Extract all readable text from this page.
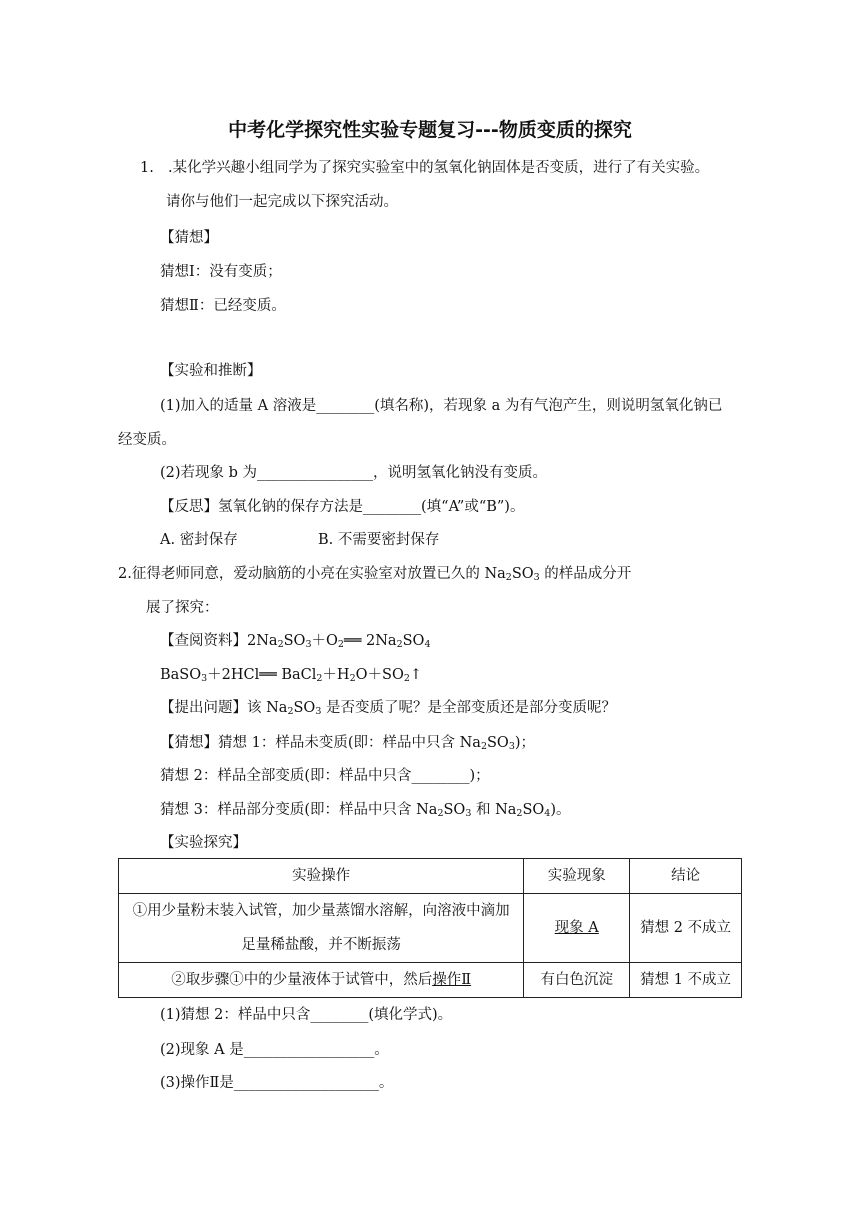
中考化学探究性实验专题复习---物质变质的探究
1. .某化学兴趣小组同学为了探究实验室中的氢氧化钠固体是否变质，进行了有关实验。
请你与他们一起完成以下探究活动。
【猜想】
猜想Ⅰ：没有变质；
猜想Ⅱ：已经变质。
【实验和推断】
(1)加入的适量 A 溶液是________(填名称)，若现象 a 为有气泡产生，则说明氢氧化钠已
经变质。
(2)若现象 b 为________________，说明氢氧化钠没有变质。
【反思】氢氧化钠的保存方法是________(填“A”或“B”)。
A. 密封保存	B. 不需要密封保存
2.征得老师同意，爱动脑筋的小亮在实验室对放置已久的 $Na_2SO_3$ 的样品成分开
展了探究：
【查阅资料】$2Na_2SO_3+O_2══$ $2Na_2SO_4$
BaSO$_3$＋2HCl══ $BaCl_2+H_2O+SO_2↑$
【提出问题】该 $Na_2SO_3$ 是否变质了呢？是全部变质还是部分变质呢？
【猜想】猜想 1：样品未变质(即：样品中只含 $Na_2SO_3$)；
猜想 2：样品全部变质(即：样品中只含________)；
猜想 3：样品部分变质(即：样品中只含 $Na_2SO_3$ 和 $Na_2SO_4$)。
【实验探究】
实验操作	实验现象	结论

①用少量粉末装入试管，加少量蒸馏水溶解，向溶液中滴加
足量稀盐酸，并不断振荡	现象 A	猜想 2 不成立
②取步骤①中的少量液体于试管中，然后操作Ⅱ	有白色沉淀	猜想 1 不成立
(1)猜想 2：样品中只含________(填化学式)。
(2)现象 A 是__________________。
(3)操作Ⅱ是____________________。
